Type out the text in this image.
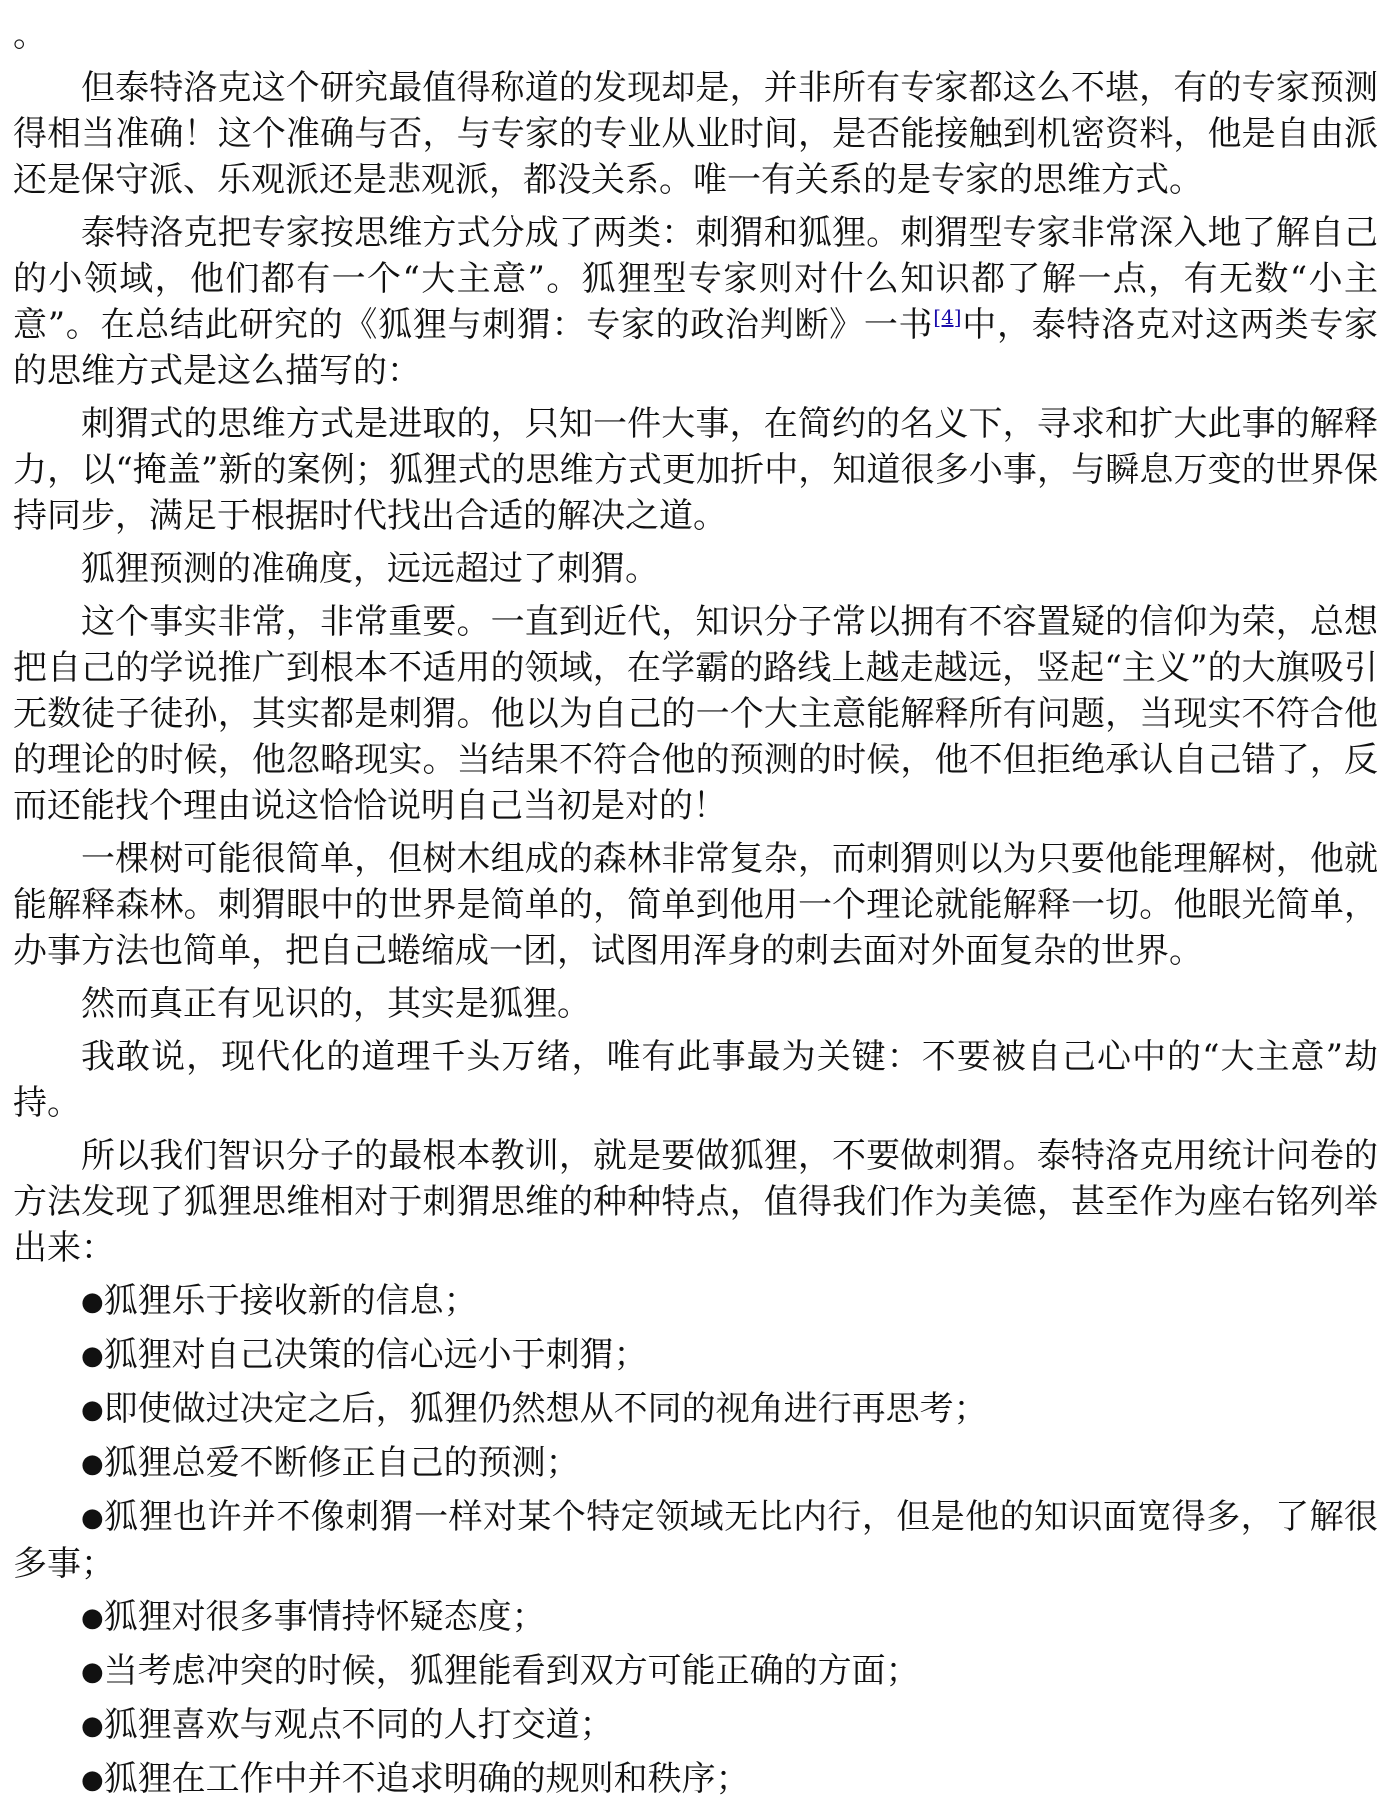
。

但泰特洛克这个研究最值得称道的发现却是，并非所有专家都这么不堪，有的专家预测得相当准确！这个准确与否，与专家的专业从业时间，是否能接触到机密资料，他是自由派还是保守派、乐观派还是悲观派，都没关系。唯一有关系的是专家的思维方式。

泰特洛克把专家按思维方式分成了两类：刺猬和狐狸。刺猬型专家非常深入地了解自己的小领域，他们都有一个“大主意”。狐狸型专家则对什么知识都了解一点，有无数“小主意”。在总结此研究的《狐狸与刺猬：专家的政治判断》一书[4]中，泰特洛克对这两类专家的思维方式是这么描写的：

刺猬式的思维方式是进取的，只知一件大事，在简约的名义下，寻求和扩大此事的解释力，以“掩盖”新的案例；狐狸式的思维方式更加折中，知道很多小事，与瞬息万变的世界保持同步，满足于根据时代找出合适的解决之道。

狐狸预测的准确度，远远超过了刺猬。

这个事实非常，非常重要。一直到近代，知识分子常以拥有不容置疑的信仰为荣，总想把自己的学说推广到根本不适用的领域，在学霸的路线上越走越远，竖起“主义”的大旗吸引无数徒子徒孙，其实都是刺猬。他以为自己的一个大主意能解释所有问题，当现实不符合他的理论的时候，他忽略现实。当结果不符合他的预测的时候，他不但拒绝承认自己错了，反而还能找个理由说这恰恰说明自己当初是对的！

一棵树可能很简单，但树木组成的森林非常复杂，而刺猬则以为只要他能理解树，他就能解释森林。刺猬眼中的世界是简单的，简单到他用一个理论就能解释一切。他眼光简单，办事方法也简单，把自己蜷缩成一团，试图用浑身的刺去面对外面复杂的世界。

然而真正有见识的，其实是狐狸。

我敢说，现代化的道理千头万绪，唯有此事最为关键：不要被自己心中的“大主意”劫持。

所以我们智识分子的最根本教训，就是要做狐狸，不要做刺猬。泰特洛克用统计问卷的方法发现了狐狸思维相对于刺猬思维的种种特点，值得我们作为美德，甚至作为座右铭列举出来：

●狐狸乐于接收新的信息；

●狐狸对自己决策的信心远小于刺猬；

●即使做过决定之后，狐狸仍然想从不同的视角进行再思考；

●狐狸总爱不断修正自己的预测；

●狐狸也许并不像刺猬一样对某个特定领域无比内行，但是他的知识面宽得多，了解很多事；

●狐狸对很多事情持怀疑态度；

●当考虑冲突的时候，狐狸能看到双方可能正确的方面；

●狐狸喜欢与观点不同的人打交道；

●狐狸在工作中并不追求明确的规则和秩序；
